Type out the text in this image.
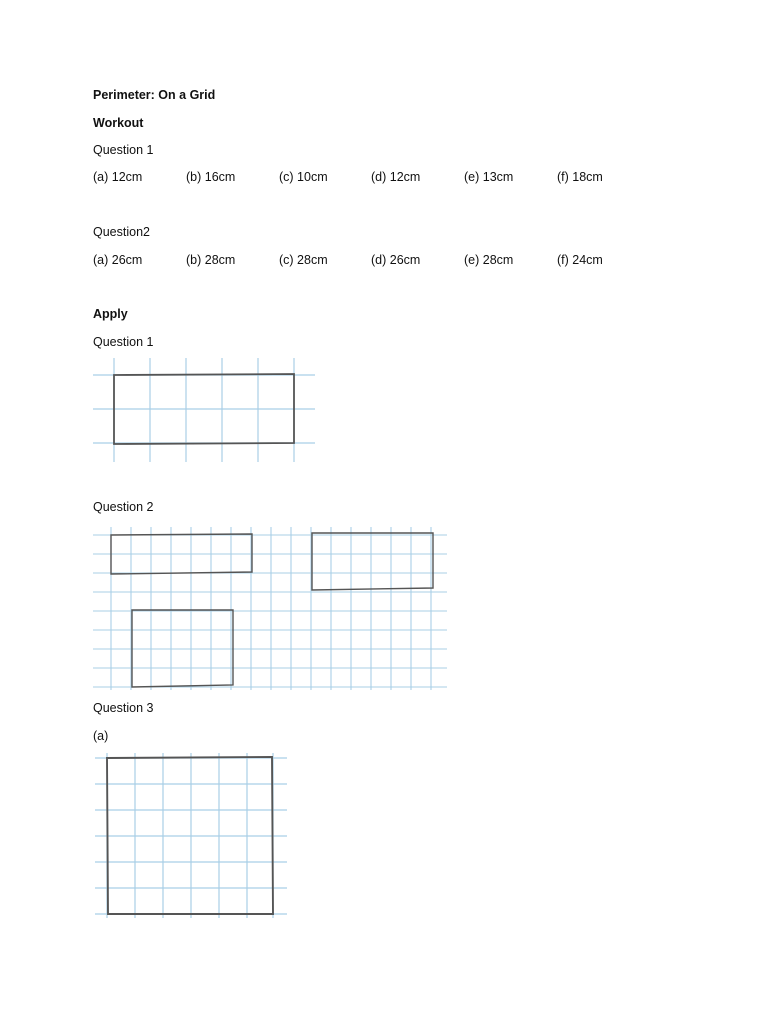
Perimeter: On a Grid
Workout
Question 1
(a) 12cm	(b) 16cm	(c) 10cm	(d) 12cm	(e) 13cm	(f) 18cm
Question2
(a) 26cm	(b) 28cm	(c) 28cm	(d) 26cm	(e) 28cm	(f) 24cm
Apply
Question 1
Question 2
Question 3
(a)
